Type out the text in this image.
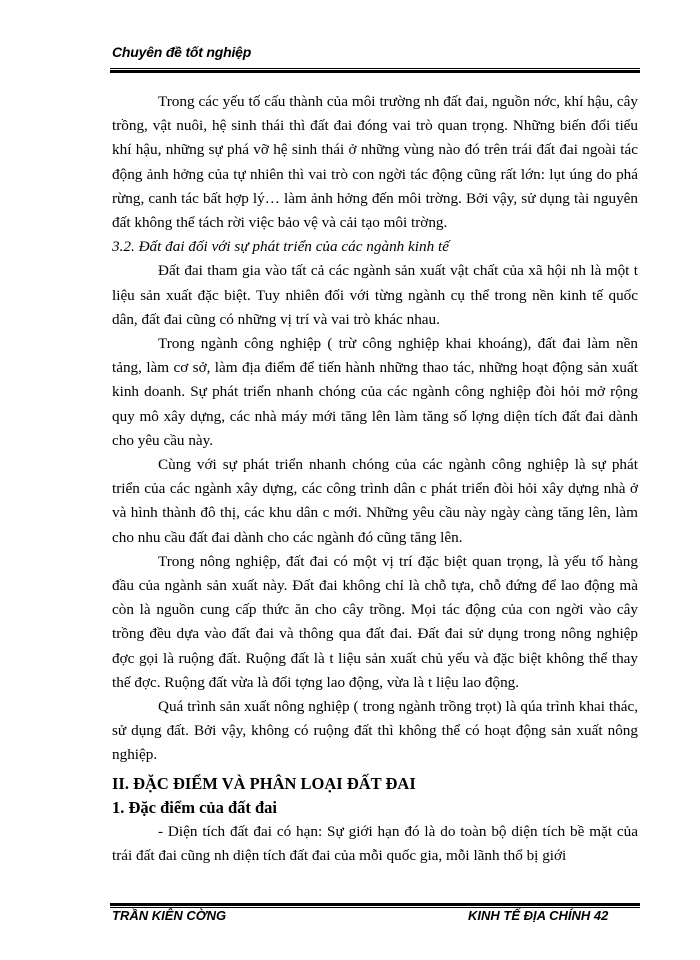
Chuyên đề tốt nghiệp

Trong các yếu tố cấu thành của môi trường nh đất đai, nguồn nớc, khí hậu, cây trồng, vật nuôi, hệ sinh thái thì đất đai đóng vai trò quan trọng. Những biến đổi tiểu khí hậu, những sự phá vỡ hệ sinh thái ở những vùng nào đó trên trái đất đai ngoài tác động ảnh hởng của tự nhiên thì vai trò con ngời tác động cũng rất lớn: lụt úng do phá rừng, canh tác bất hợp lý… làm ảnh hởng đến môi trờng. Bởi vậy, sử dụng tài nguyên đất không thể tách rời việc bảo vệ và cải tạo môi trờng.

3.2. Đất đai đối với sự phát triển của các ngành kinh tế

Đất đai tham gia vào tất cả các ngành sản xuất vật chất của xã hội nh là một t liệu sản xuất đặc biệt. Tuy nhiên đối với từng ngành cụ thể trong nền kinh tế quốc dân, đất đai cũng có những vị trí và vai trò khác nhau.

Trong ngành công nghiệp ( trừ công nghiệp khai khoáng), đất đai làm nền tảng, làm cơ sở, làm địa điểm để tiến hành những thao tác, những hoạt động sản xuất kinh doanh. Sự phát triển nhanh chóng của các ngành công nghiệp đòi hỏi mở rộng quy mô xây dựng, các nhà máy mới tăng lên làm tăng số lợng diện tích đất đai dành cho yêu cầu này.

Cùng với sự phát triển nhanh chóng của các ngành công nghiệp là sự phát triển của các ngành xây dựng, các công trình dân c phát triển đòi hỏi xây dựng nhà ở và hình thành đô thị, các khu dân c mới. Những yêu cầu này ngày càng tăng lên, làm cho nhu cầu đất đai dành cho các ngành đó cũng tăng lên.

Trong nông nghiệp, đất đai có một vị trí đặc biệt quan trọng, là yếu tố hàng đầu của ngành sản xuất này. Đất đai không chỉ là chỗ tựa, chỗ đứng để lao động mà còn là nguồn cung cấp thức ăn cho cây trồng. Mọi tác động của con ngời vào cây trồng đều dựa vào đất đai và thông qua đất đai. Đất đai sử dụng trong nông nghiệp đợc gọi là ruộng đất. Ruộng đất là t liệu sản xuất chủ yếu và đặc biệt không thể thay thế đợc. Ruộng đất vừa là đối tợng lao động, vừa là t liệu lao động.

Quá trình sản xuất nông nghiệp ( trong ngành trồng trọt) là qúa trình khai thác, sử dụng đất. Bởi vậy, không có ruộng đất thì không thể có hoạt động sản xuất nông nghiệp.

II. ĐẶC ĐIỂM VÀ PHÂN LOẠI ĐẤT ĐAI

1. Đặc điểm của đất đai

- Diện tích đất đai có hạn: Sự giới hạn đó là do toàn bộ diện tích bề mặt của trái đất đai cũng nh diện tích đất đai của mỗi quốc gia, mỗi lãnh thổ bị giới

TRẦN KIÊN CỜNG	KINH TẾ ĐỊA CHÍNH 42
